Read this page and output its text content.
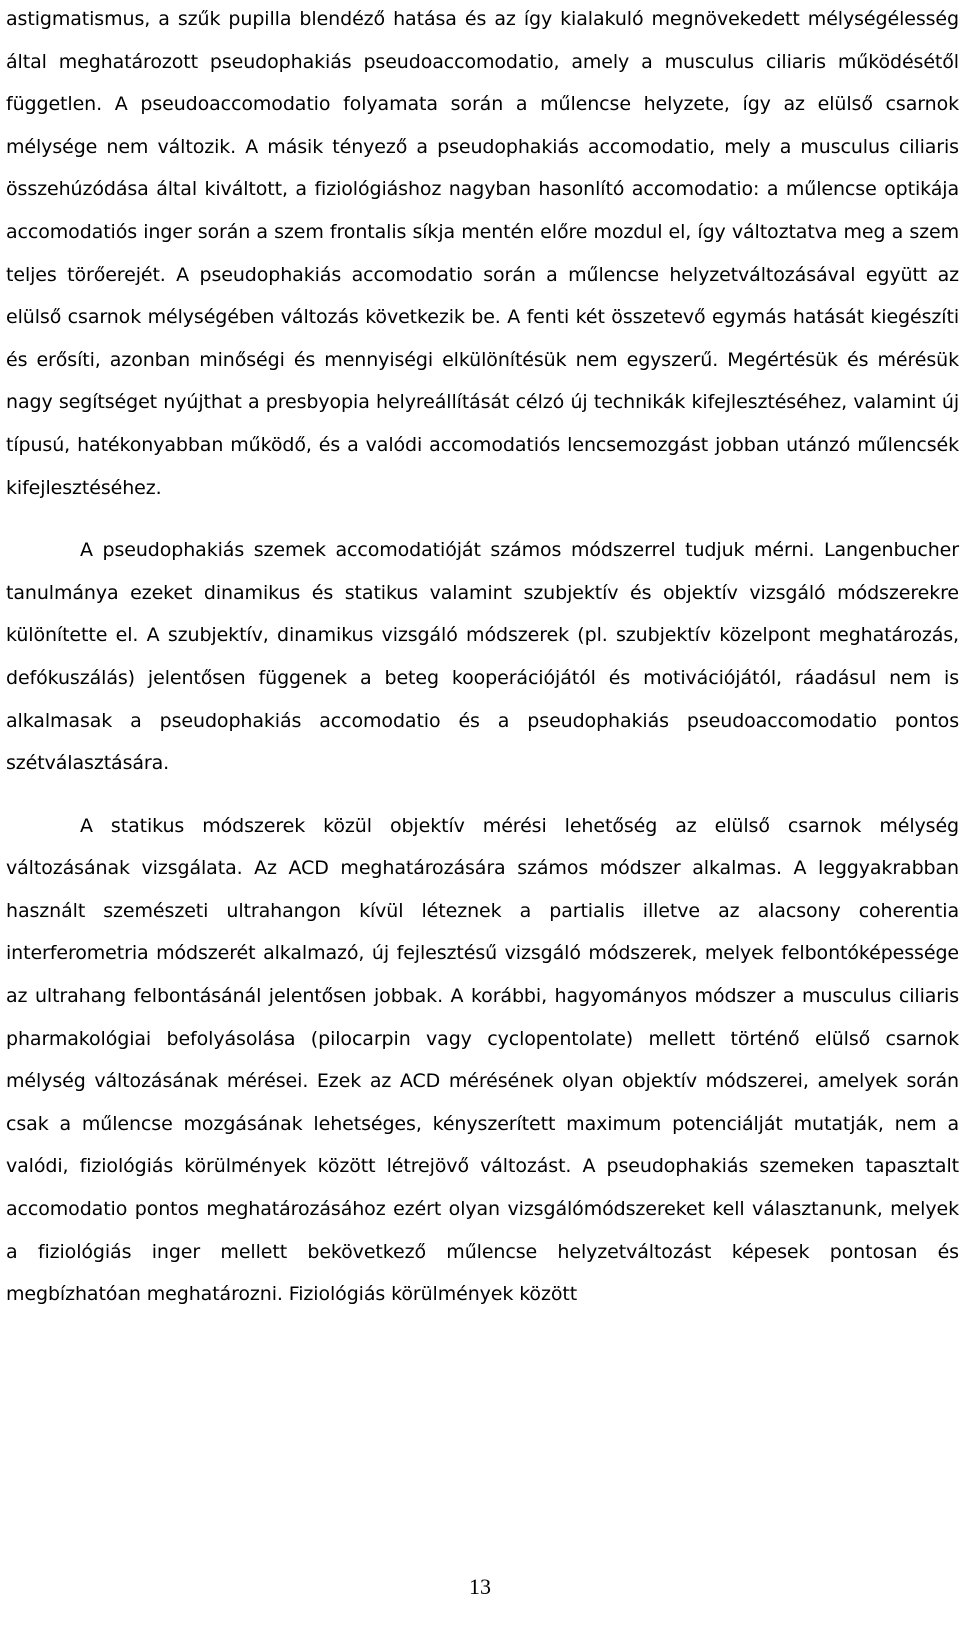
astigmatismus, a szűk pupilla blendéző hatása és az így kialakuló megnövekedett mélységélesség által meghatározott pseudophakiás pseudoaccomodatio, amely a musculus ciliaris működésétől független. A pseudoaccomodatio folyamata során a műlencse helyzete, így az elülső csarnok mélysége nem változik. A másik tényező a pseudophakiás accomodatio, mely a musculus ciliaris összehúzódása által kiváltott, a fiziológiáshoz nagyban hasonlító accomodatio: a műlencse optikája accomodatiós inger során a szem frontalis síkja mentén előre mozdul el, így változtatva meg a szem teljes törőerejét. A pseudophakiás accomodatio során a műlencse helyzetváltozásával együtt az elülső csarnok mélységében változás következik be. A fenti két összetevő egymás hatását kiegészíti és erősíti, azonban minőségi és mennyiségi elkülönítésük nem egyszerű. Megértésük és mérésük nagy segítséget nyújthat a presbyopia helyreállítását célzó új technikák kifejlesztéséhez, valamint új típusú, hatékonyabban működő, és a valódi accomodatiós lencsemozgást jobban utánzó műlencsék kifejlesztéséhez.

A pseudophakiás szemek accomodatióját számos módszerrel tudjuk mérni. Langenbucher tanulmánya ezeket dinamikus és statikus valamint szubjektív és objektív vizsgáló módszerekre különítette el. A szubjektív, dinamikus vizsgáló módszerek (pl. szubjektív közelpont meghatározás, defókuszálás) jelentősen függenek a beteg kooperációjától és motivációjától, ráadásul nem is alkalmasak a pseudophakiás accomodatio és a pseudophakiás pseudoaccomodatio pontos szétválasztására.

A statikus módszerek közül objektív mérési lehetőség az elülső csarnok mélység változásának vizsgálata. Az ACD meghatározására számos módszer alkalmas. A leggyakrabban használt szemészeti ultrahangon kívül léteznek a partialis illetve az alacsony coherentia interferometria módszerét alkalmazó, új fejlesztésű vizsgáló módszerek, melyek felbontóképessége az ultrahang felbontásánál jelentősen jobbak. A korábbi, hagyományos módszer a musculus ciliaris pharmakológiai befolyásolása (pilocarpin vagy cyclopentolate) mellett történő elülső csarnok mélység változásának mérései. Ezek az ACD mérésének olyan objektív módszerei, amelyek során csak a műlencse mozgásának lehetséges, kényszerített maximum potenciálját mutatják, nem a valódi, fiziológiás körülmények között létrejövő változást. A pseudophakiás szemeken tapasztalt accomodatio pontos meghatározásához ezért olyan vizsgálómódszereket kell választanunk, melyek a fiziológiás inger mellett bekövetkező műlencse helyzetváltozást képesek pontosan és megbízhatóan meghatározni. Fiziológiás körülmények között

13
